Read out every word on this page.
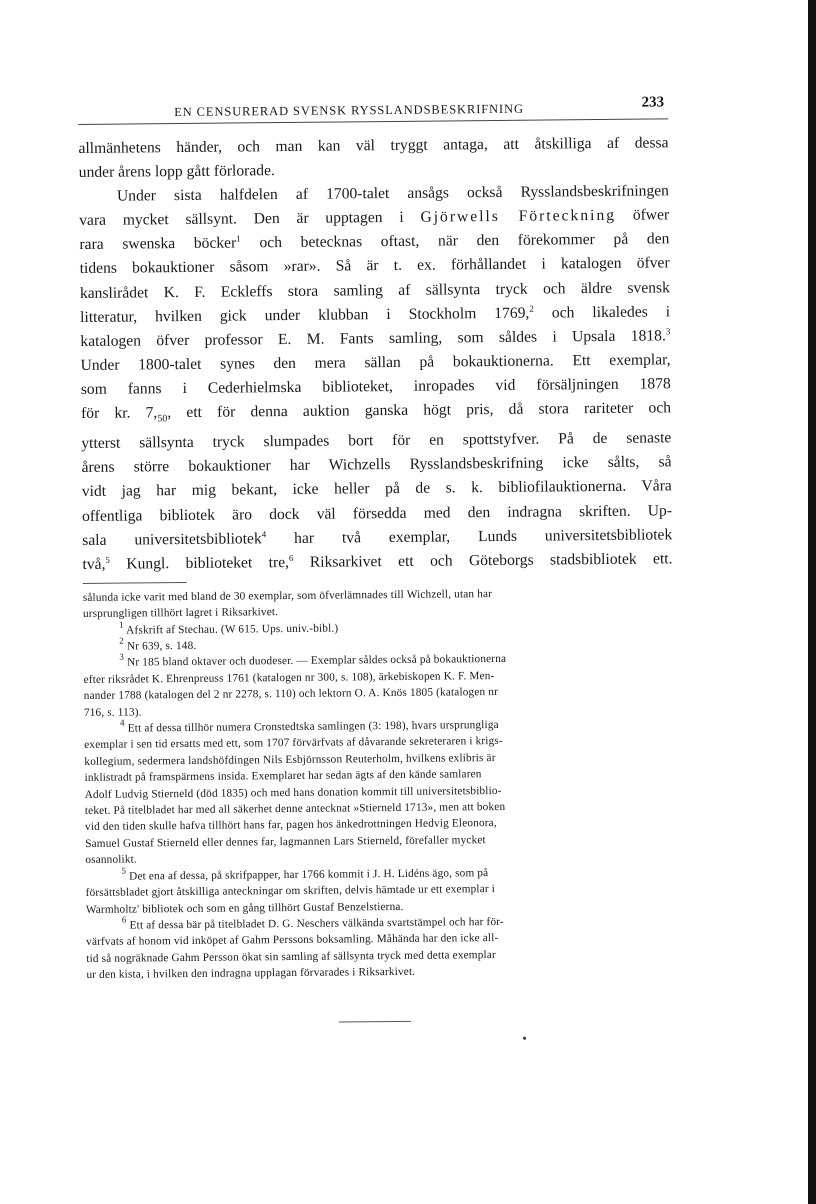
EN CENSURERAD SVENSK RYSSLANDSBESKRIFNING	233
allmänhetens händer, och man kan väl tryggt antaga, att åtskilliga af dessa
under årens lopp gått förlorade.
Under sista halfdelen af 1700-talet ansågs också Rysslandsbeskrifningen
vara mycket sällsynt. Den är upptagen i Gjörwells Förteckning öfwer
rara swenska böcker$^1$ och betecknas oftast, när den förekommer på den
tidens bokauktioner såsom »rar». Så är t. ex. förhållandet i katalogen öfver
kanslirådet K. F. Eckleffs stora samling af sällsynta tryck och äldre svensk
litteratur, hvilken gick under klubban i Stockholm 1769,$^2$ och likaledes i
katalogen öfver professor E. M. Fants samling, som såldes i Upsala 1818.$^3$
Under 1800-talet synes den mera sällan på bokauktionerna. Ett exemplar,
som fanns i Cederhielmska biblioteket, inropades vid försäljningen 1878
för kr. $7,_{50}$, ett för denna auktion ganska högt pris, då stora rariteter och
ytterst sällsynta tryck slumpades bort för en spottstyfver. På de senaste
årens större bokauktioner har Wichzells Rysslandsbeskrifning icke sålts, så
vidt jag har mig bekant, icke heller på de s. k. bibliofilauktionerna. Våra
offentliga bibliotek äro dock väl försedda med den indragna skriften. Up-
sala universitetsbibliotek$^4$ har två exemplar, Lunds universitetsbibliotek
två,$^5$ Kungl. biblioteket tre,$^6$ Riksarkivet ett och Göteborgs stadsbibliotek ett.
sålunda icke varit med bland de 30 exemplar, som öfverlämnades till Wichzell, utan har
ursprungligen tillhört lagret i Riksarkivet.
$^1$ Afskrift af Stechau. (W 615. Ups. univ.-bibl.)
$^2$ Nr 639, s. 148.
$^3$ Nr 185 bland oktaver och duodeser. — Exemplar såldes också på bokauktionerna
efter riksrådet K. Ehrenpreuss 1761 (katalogen nr 300, s. 108), ärkebiskopen K. F. Men-
nander 1788 (katalogen del 2 nr 2278, s. 110) och lektorn O. A. Knös 1805 (katalogen nr
716, s. 113).
$^4$ Ett af dessa tillhör numera Cronstedtska samlingen (3: 198), hvars ursprungliga
exemplar i sen tid ersatts med ett, som 1707 förvärfvats af dåvarande sekreteraren i krigs-
kollegium, sedermera landshöfdingen Nils Esbjörnsson Reuterholm, hvilkens exlibris är
inklistradt på framspärmens insida. Exemplaret har sedan ägts af den kände samlaren
Adolf Ludvig Stierneld (död 1835) och med hans donation kommit till universitetsbiblio-
teket. På titelbladet har med all säkerhet denne antecknat »Stierneld 1713», men att boken
vid den tiden skulle hafva tillhört hans far, pagen hos änkedrottningen Hedvig Eleonora,
Samuel Gustaf Stierneld eller dennes far, lagmannen Lars Stierneld, förefaller mycket
osannolikt.
$^5$ Det ena af dessa, på skrifpapper, har 1766 kommit i J. H. Lidéns ägo, som på
försättsbladet gjort åtskilliga anteckningar om skriften, delvis hämtade ur ett exemplar i
Warmholtz' bibliotek och som en gång tillhört Gustaf Benzelstierna.
$^6$ Ett af dessa bär på titelbladet D. G. Neschers välkända svartstämpel och har för-
värfvats af honom vid inköpet af Gahm Perssons boksamling. Måhända har den icke all-
tid så nogräknade Gahm Persson ökat sin samling af sällsynta tryck med detta exemplar
ur den kista, i hvilken den indragna upplagan förvarades i Riksarkivet.
